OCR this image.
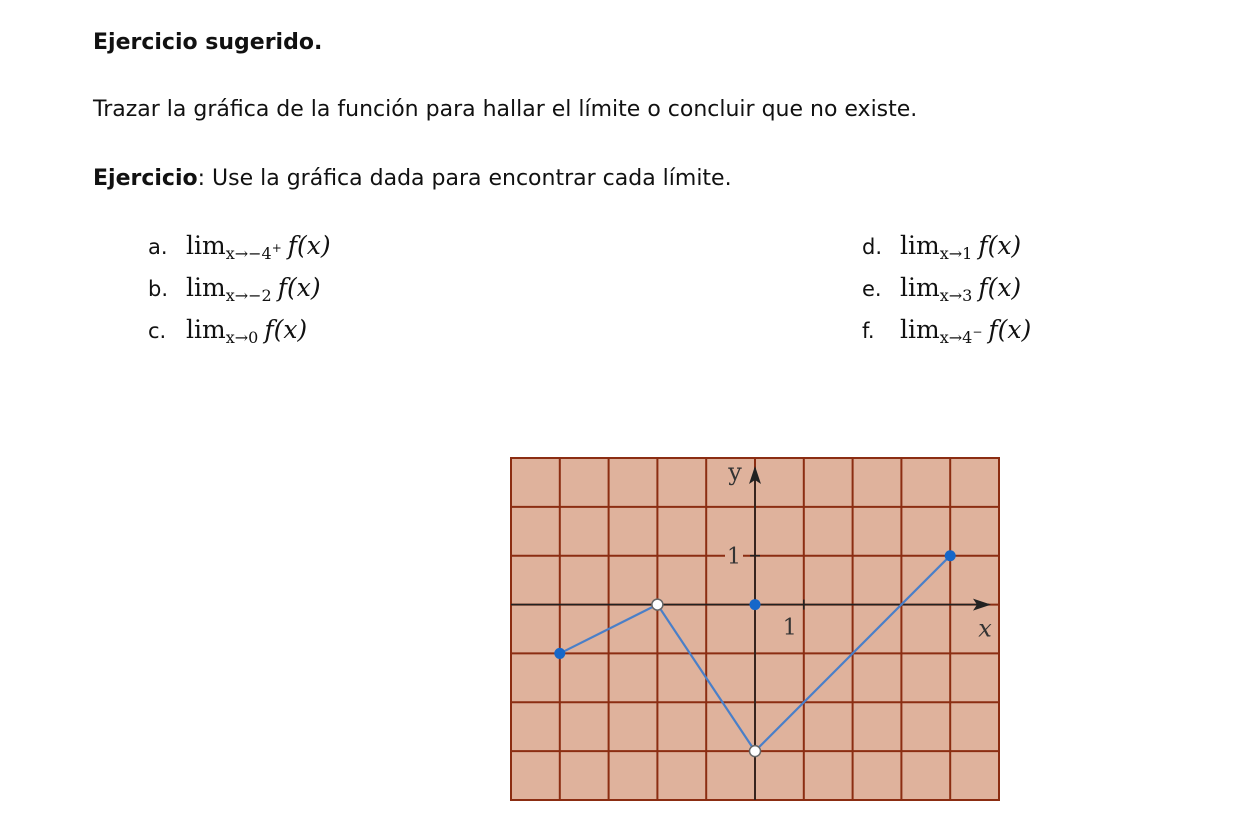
Ejercicio sugerido.
Trazar la gráfica de la función para hallar el límite o concluir que no existe.
Ejercicio: Use la gráfica dada para encontrar cada límite.
a. $\lim_{x\to-4^+} f(x)$
b. $\lim_{x\to-2} f(x)$
c. $\lim_{x\to 0} f(x)$
d. $\lim_{x\to 1} f(x)$
e. $\lim_{x\to 3} f(x)$
f.	$\lim_{x\to 4^-} f(x)$
1
1
y
x
